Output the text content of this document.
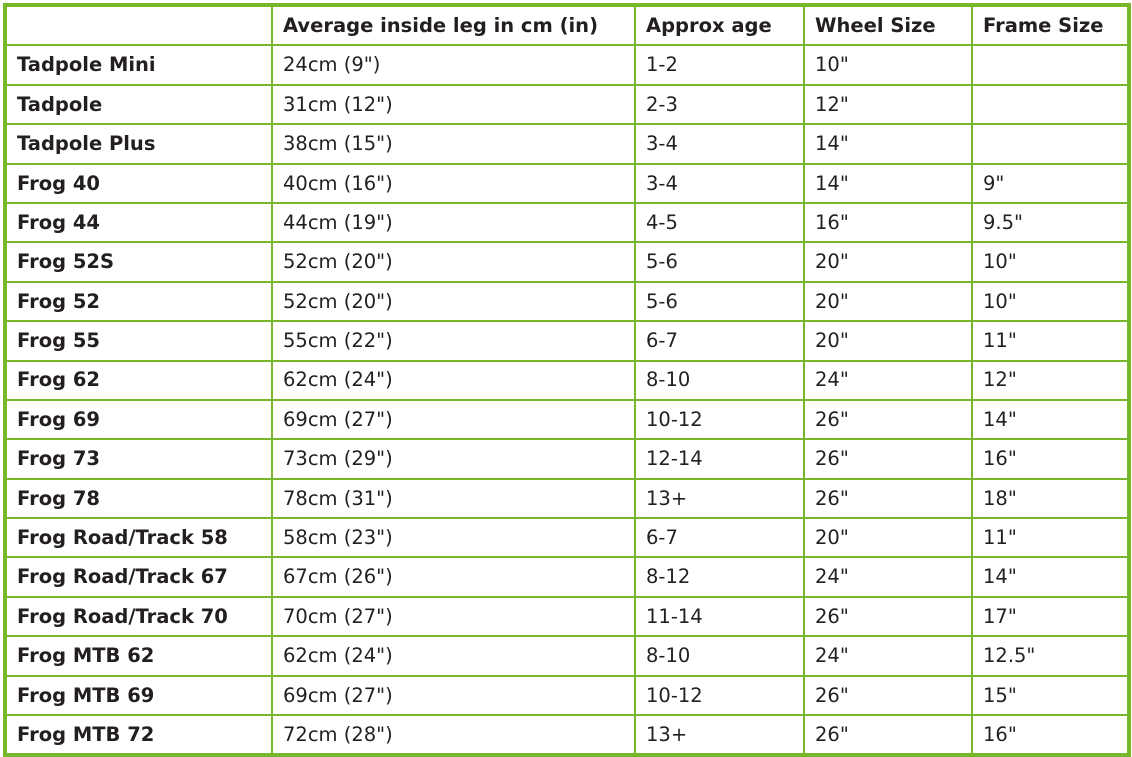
	Average inside leg in cm (in)	Approx age	Wheel Size	Frame Size
Tadpole Mini	24cm (9")	1-2	10"	
Tadpole	31cm (12")	2-3	12"	
Tadpole Plus	38cm (15")	3-4	14"	
Frog 40	40cm (16")	3-4	14"	9"
Frog 44	44cm (19")	4-5	16"	9.5"
Frog 52S	52cm (20")	5-6	20"	10"
Frog 52	52cm (20")	5-6	20"	10"
Frog 55	55cm (22")	6-7	20"	11"
Frog 62	62cm (24")	8-10	24"	12"
Frog 69	69cm (27")	10-12	26"	14"
Frog 73	73cm (29")	12-14	26"	16"
Frog 78	78cm (31")	13+	26"	18"
Frog Road/Track 58	58cm (23")	6-7	20"	11"
Frog Road/Track 67	67cm (26")	8-12	24"	14"
Frog Road/Track 70	70cm (27")	11-14	26"	17"
Frog MTB 62	62cm (24")	8-10	24"	12.5"
Frog MTB 69	69cm (27")	10-12	26"	15"
Frog MTB 72	72cm (28")	13+	26"	16"
